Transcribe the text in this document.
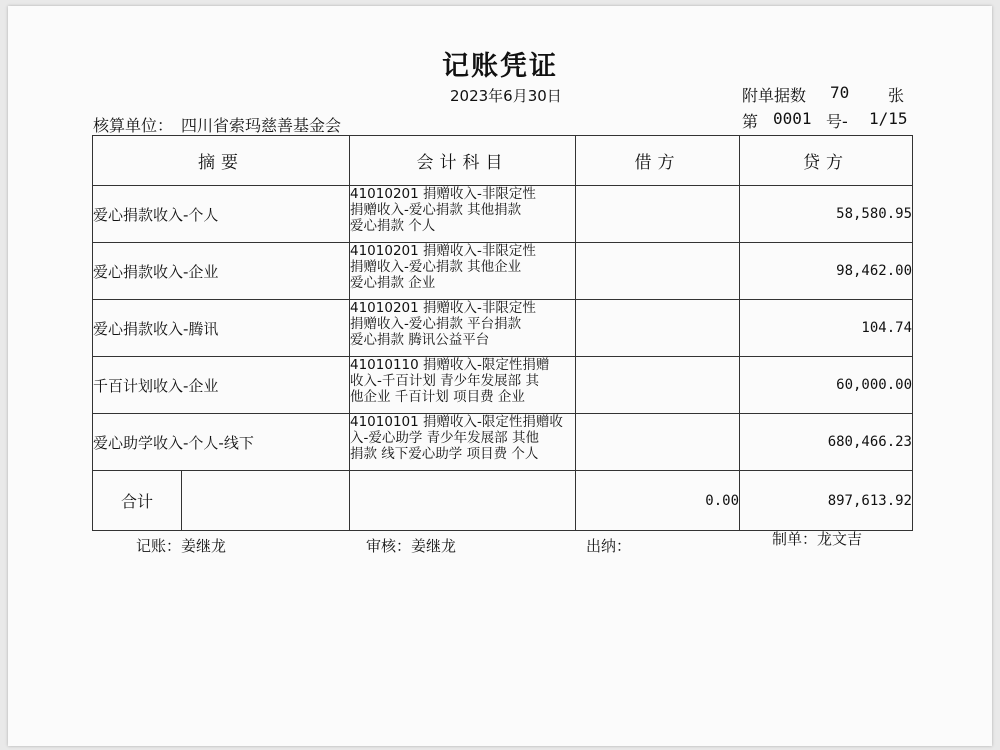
记账凭证
2023年6月30日
核算单位： 四川省索玛慈善基金会
附单据数 70 张
第 0001 号- 1/15
摘要	会计科目	借方	贷方
爱心捐款收入-个人	41010201 捐赠收入-非限定性
捐赠收入-爱心捐款 其他捐款
爱心捐款 个人		58,580.95
爱心捐款收入-企业	41010201 捐赠收入-非限定性
捐赠收入-爱心捐款 其他企业
爱心捐款 企业		98,462.00
爱心捐款收入-腾讯	41010201 捐赠收入-非限定性
捐赠收入-爱心捐款 平台捐款
爱心捐款 腾讯公益平台		104.74
千百计划收入-企业	41010110 捐赠收入-限定性捐赠
收入-千百计划 青少年发展部 其
他企业 千百计划 项目费 企业		60,000.00
爱心助学收入-个人-线下	41010101 捐赠收入-限定性捐赠收
入-爱心助学 青少年发展部 其他
捐款 线下爱心助学 项目费 个人		680,466.23

合计		0.00	897,613.92
记账：姜继龙	审核：姜继龙	出纳：	制单：龙文吉
